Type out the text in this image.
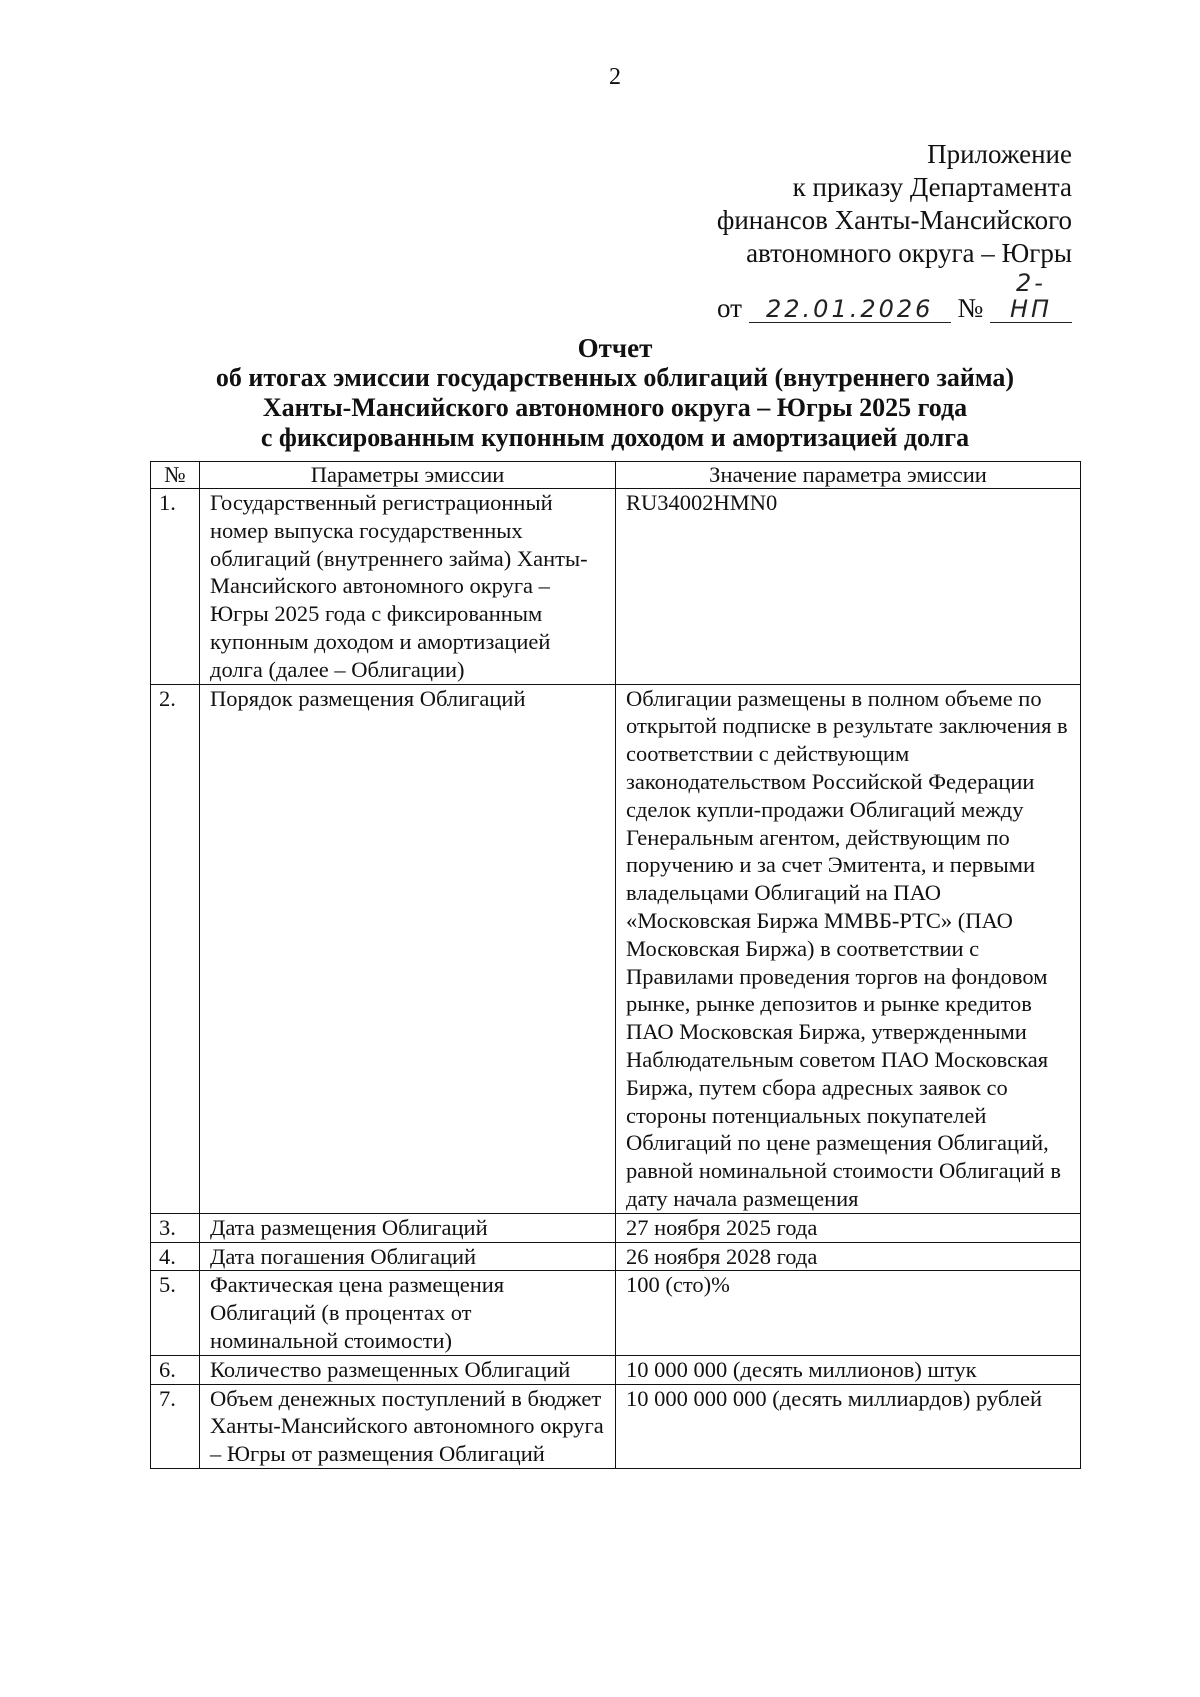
2
Приложение
к приказу Департамента
финансов Ханты-Мансийского
автономного округа – Югры
от 22.01.2026 № 2-НП
Отчет
об итогах эмиссии государственных облигаций (внутреннего займа)
Ханты-Мансийского автономного округа – Югры 2025 года
с фиксированным купонным доходом и амортизацией долга
№	Параметры эмиссии	Значение параметра эмиссии
1.	Государственный регистрационный номер выпуска государственных облигаций (внутреннего займа) Ханты-Мансийского автономного округа – Югры 2025 года с фиксированным купонным доходом и амортизацией долга (далее – Облигации)	RU34002HMN0
2.	Порядок размещения Облигаций	Облигации размещены в полном объеме по открытой подписке в результате заключения в соответствии с действующим законодательством Российской Федерации сделок купли-продажи Облигаций между Генеральным агентом, действующим по поручению и за счет Эмитента, и первыми владельцами Облигаций на ПАО «Московская Биржа ММВБ-РТС» (ПАО Московская Биржа) в соответствии с Правилами проведения торгов на фондовом рынке, рынке депозитов и рынке кредитов ПАО Московская Биржа, утвержденными Наблюдательным советом ПАО Московская Биржа, путем сбора адресных заявок со стороны потенциальных покупателей Облигаций по цене размещения Облигаций, равной номинальной стоимости Облигаций в дату начала размещения
3.	Дата размещения Облигаций	27 ноября 2025 года
4.	Дата погашения Облигаций	26 ноября 2028 года
5.	Фактическая цена размещения Облигаций (в процентах от номинальной стоимости)	100 (сто)%
6.	Количество размещенных Облигаций	10 000 000 (десять миллионов) штук
7.	Объем денежных поступлений в бюджет Ханты-Мансийского автономного округа – Югры от размещения Облигаций	10 000 000 000 (десять миллиардов) рублей
